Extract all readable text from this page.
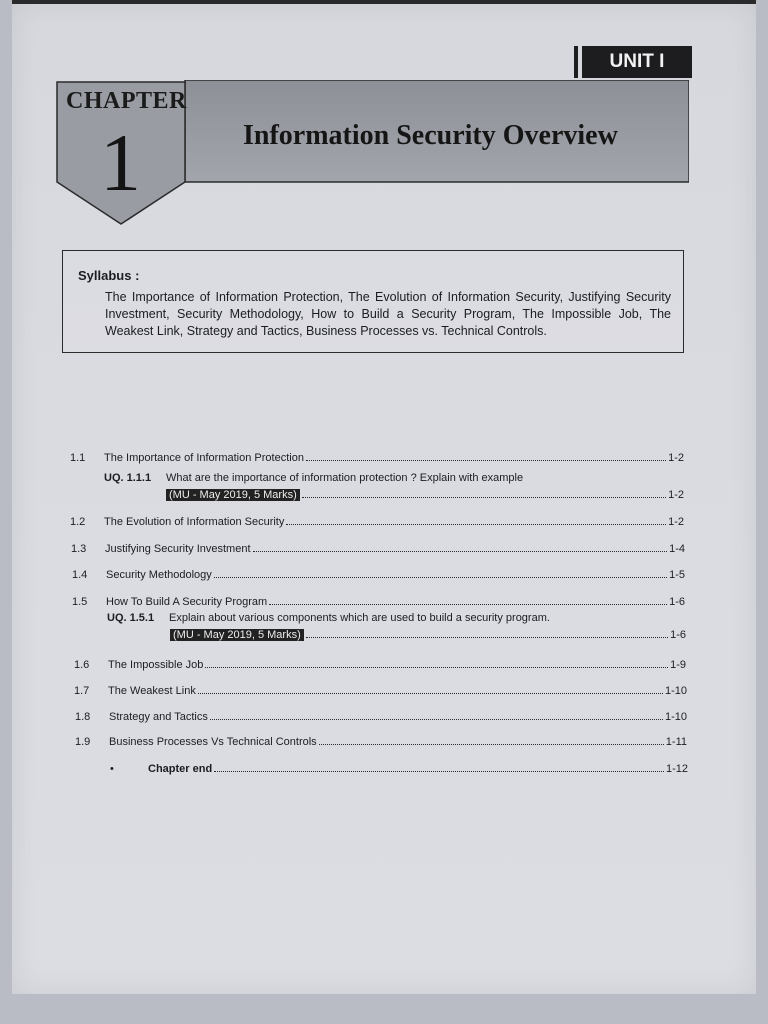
UNIT I
CHAPTER
1	Information Security Overview
Syllabus :
The Importance of Information Protection, The Evolution of Information Security, Justifying Security Investment, Security Methodology, How to Build a Security Program, The Impossible Job, The Weakest Link, Strategy and Tactics, Business Processes vs. Technical Controls.
1.1	The Importance of Information Protection	1-2
UQ. 1.1.1	What are the importance of information protection ? Explain with example
(MU - May 2019, 5 Marks)	1-2
1.2	The Evolution of Information Security	1-2
1.3	Justifying Security Investment	1-4
1.4	Security Methodology	1-5
1.5	How To Build A Security Program	1-6
UQ. 1.5.1	Explain about various components which are used to build a security program.
(MU - May 2019, 5 Marks)	1-6
1.6	The Impossible Job	1-9
1.7	The Weakest Link	1-10
1.8	Strategy and Tactics	1-10
1.9	Business Processes Vs Technical Controls	1-11
•	Chapter end	1-12
